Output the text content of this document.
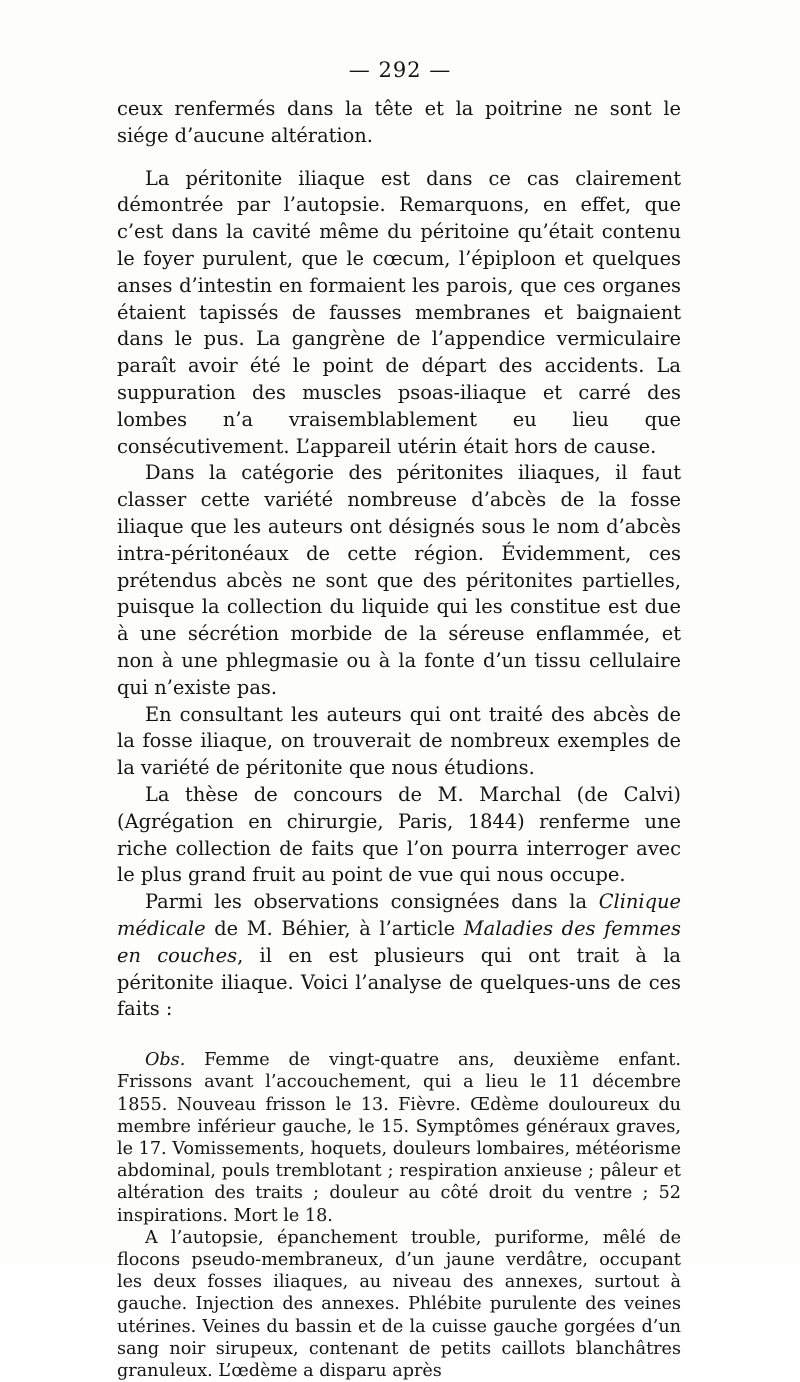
— 292 —

ceux renfermés dans la tête et la poitrine ne sont le siége d’aucune altération.

La péritonite iliaque est dans ce cas clairement démontrée par l’autopsie. Remarquons, en effet, que c’est dans la cavité même du péritoine qu’était contenu le foyer purulent, que le cœcum, l’épiploon et quelques anses d’intestin en formaient les parois, que ces organes étaient tapissés de fausses membranes et baignaient dans le pus. La gangrène de l’appendice vermiculaire paraît avoir été le point de départ des accidents. La suppuration des muscles psoas-iliaque et carré des lombes n’a vraisemblablement eu lieu que consécutivement. L’appareil utérin était hors de cause.

Dans la catégorie des péritonites iliaques, il faut classer cette variété nombreuse d’abcès de la fosse iliaque que les auteurs ont désignés sous le nom d’abcès intra-péritonéaux de cette région. Évidemment, ces prétendus abcès ne sont que des péritonites partielles, puisque la collection du liquide qui les constitue est due à une sécrétion morbide de la séreuse enflammée, et non à une phlegmasie ou à la fonte d’un tissu cellulaire qui n’existe pas.

En consultant les auteurs qui ont traité des abcès de la fosse iliaque, on trouverait de nombreux exemples de la variété de péritonite que nous étudions.

La thèse de concours de M. Marchal (de Calvi) (Agrégation en chirurgie, Paris, 1844) renferme une riche collection de faits que l’on pourra interroger avec le plus grand fruit au point de vue qui nous occupe.

Parmi les observations consignées dans la Clinique médicale de M. Béhier, à l’article Maladies des femmes en couches, il en est plusieurs qui ont trait à la péritonite iliaque. Voici l’analyse de quelques-uns de ces faits :

Obs. Femme de vingt-quatre ans, deuxième enfant. Frissons avant l’accouchement, qui a lieu le 11 décembre 1855. Nouveau frisson le 13. Fièvre. Œdème douloureux du membre inférieur gauche, le 15. Symptômes généraux graves, le 17. Vomissements, hoquets, douleurs lombaires, météorisme abdominal, pouls tremblotant ; respiration anxieuse ; pâleur et altération des traits ; douleur au côté droit du ventre ; 52 inspirations. Mort le 18.

A l’autopsie, épanchement trouble, puriforme, mêlé de flocons pseudo-membraneux, d’un jaune verdâtre, occupant les deux fosses iliaques, au niveau des annexes, surtout à gauche. Injection des annexes. Phlébite purulente des veines utérines. Veines du bassin et de la cuisse gauche gorgées d’un sang noir sirupeux, contenant de petits caillots blanchâtres granuleux. L’œdème a disparu après
